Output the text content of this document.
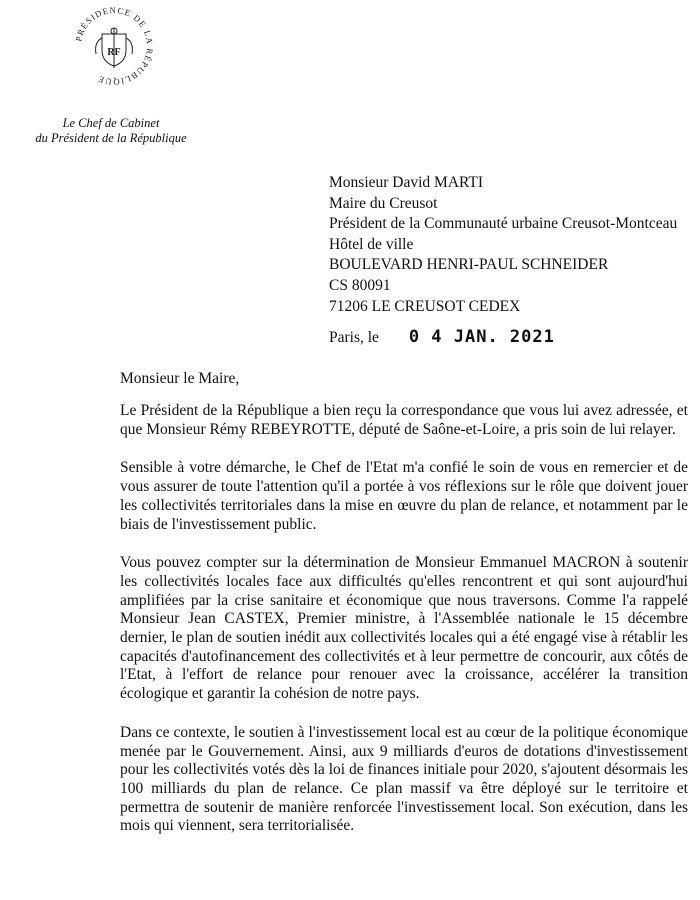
PRÉSIDENCE DE LA RÉPUBLIQUE
RF
Le Chef de Cabinet
du Président de la République
Monsieur David MARTI
Maire du Creusot
Président de la Communauté urbaine Creusot-Montceau
Hôtel de ville
BOULEVARD HENRI-PAUL SCHNEIDER
CS 80091
71206 LE CREUSOT CEDEX
Paris, le 0 4 JAN. 2021
Monsieur le Maire,

Le Président de la République a bien reçu la correspondance que vous lui avez adressée, et que Monsieur Rémy REBEYROTTE, député de Saône-et-Loire, a pris soin de lui relayer.

Sensible à votre démarche, le Chef de l'Etat m'a confié le soin de vous en remercier et de vous assurer de toute l'attention qu'il a portée à vos réflexions sur le rôle que doivent jouer les collectivités territoriales dans la mise en œuvre du plan de relance, et notamment par le biais de l'investissement public.

Vous pouvez compter sur la détermination de Monsieur Emmanuel MACRON à soutenir les collectivités locales face aux difficultés qu'elles rencontrent et qui sont aujourd'hui amplifiées par la crise sanitaire et économique que nous traversons. Comme l'a rappelé Monsieur Jean CASTEX, Premier ministre, à l'Assemblée nationale le 15 décembre dernier, le plan de soutien inédit aux collectivités locales qui a été engagé vise à rétablir les capacités d'autofinancement des collectivités et à leur permettre de concourir, aux côtés de l'Etat, à l'effort de relance pour renouer avec la croissance, accélérer la transition écologique et garantir la cohésion de notre pays.

Dans ce contexte, le soutien à l'investissement local est au cœur de la politique économique menée par le Gouvernement. Ainsi, aux 9 milliards d'euros de dotations d'investissement pour les collectivités votés dès la loi de finances initiale pour 2020, s'ajoutent désormais les 100 milliards du plan de relance. Ce plan massif va être déployé sur le territoire et permettra de soutenir de manière renforcée l'investissement local. Son exécution, dans les mois qui viennent, sera territorialisée.
